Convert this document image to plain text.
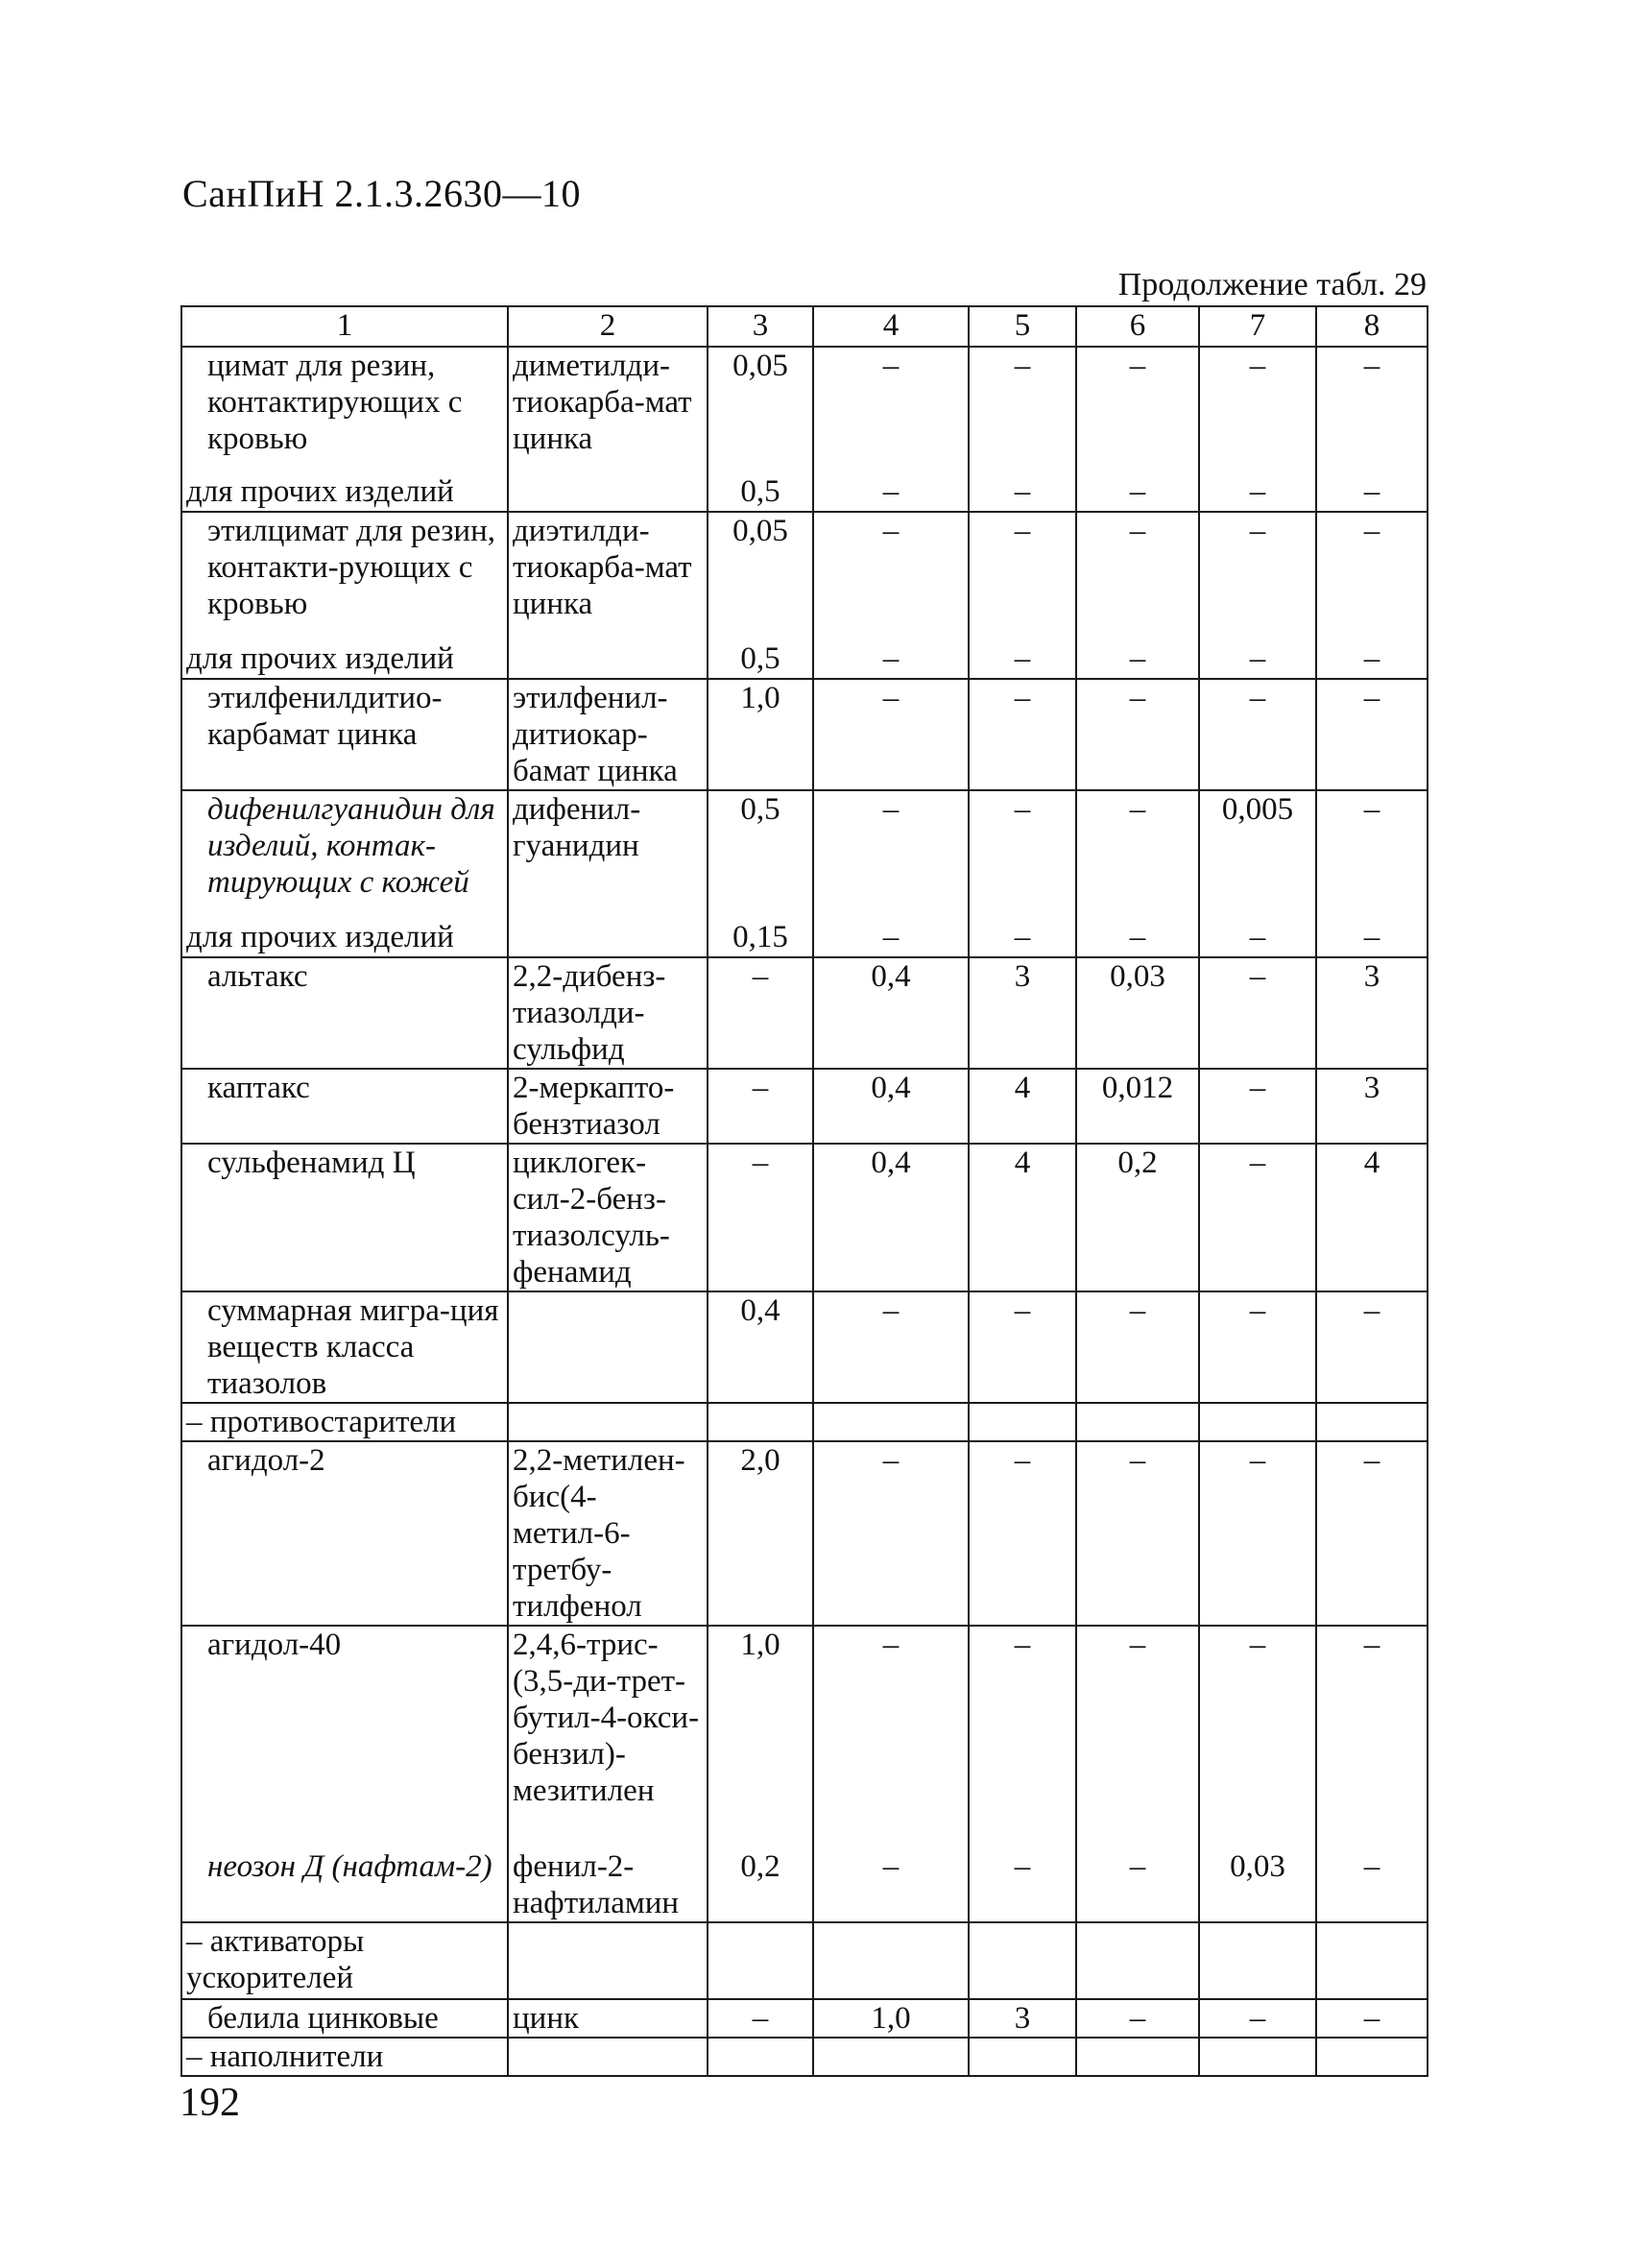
СанПиН 2.1.3.2630—10
Продолжение табл. 29
1	2	3	4	5	6	7	8

цимат для резин, контактирующих с кровью	диметилди-тиокарба-мат цинка	0,05	–	–	–	–	–
для прочих изделий		0,5	–	–	–	–	–

этилцимат для резин, контакти-рующих с кровью	диэтилди-тиокарба-мат цинка	0,05	–	–	–	–	–
для прочих изделий		0,5	–	–	–	–	–

этилфенилдитио-карбамат цинка	этилфенил-дитиокар-бамат цинка	1,0	–	–	–	–	–

дифенилгуанидин для изделий, контак-тирующих с кожей	дифенил-гуанидин	0,5	–	–	–	0,005	–
для прочих изделий		0,15	–	–	–	–	–

альтакс	2,2-дибенз-тиазолди-сульфид	–	0,4	3	0,03	–	3

каптакс	2-меркапто-бензтиазол	–	0,4	4	0,012	–	3

сульфенамид Ц	циклогек-сил-2-бенз-тиазолсуль-фенамид	–	0,4	4	0,2	–	4

суммарная мигра-ция веществ класса тиазолов		0,4	–	–	–	–	–
– противостарители							

агидол-2	2,2-метилен-бис(4-метил-6-третбу-тилфенол	2,0	–	–	–	–	–

агидол-40	2,4,6-трис-(3,5-ди-трет-бутил-4-окси-бензил)-мезитилен	1,0	–	–	–	–	–

неозон Д (нафтам-2)	фенил-2-нафтиламин	0,2	–	–	–	0,03	–
– активаторы ускорителей							

белила цинковые	цинк	–	1,0	3	–	–	–
– наполнители							
192
